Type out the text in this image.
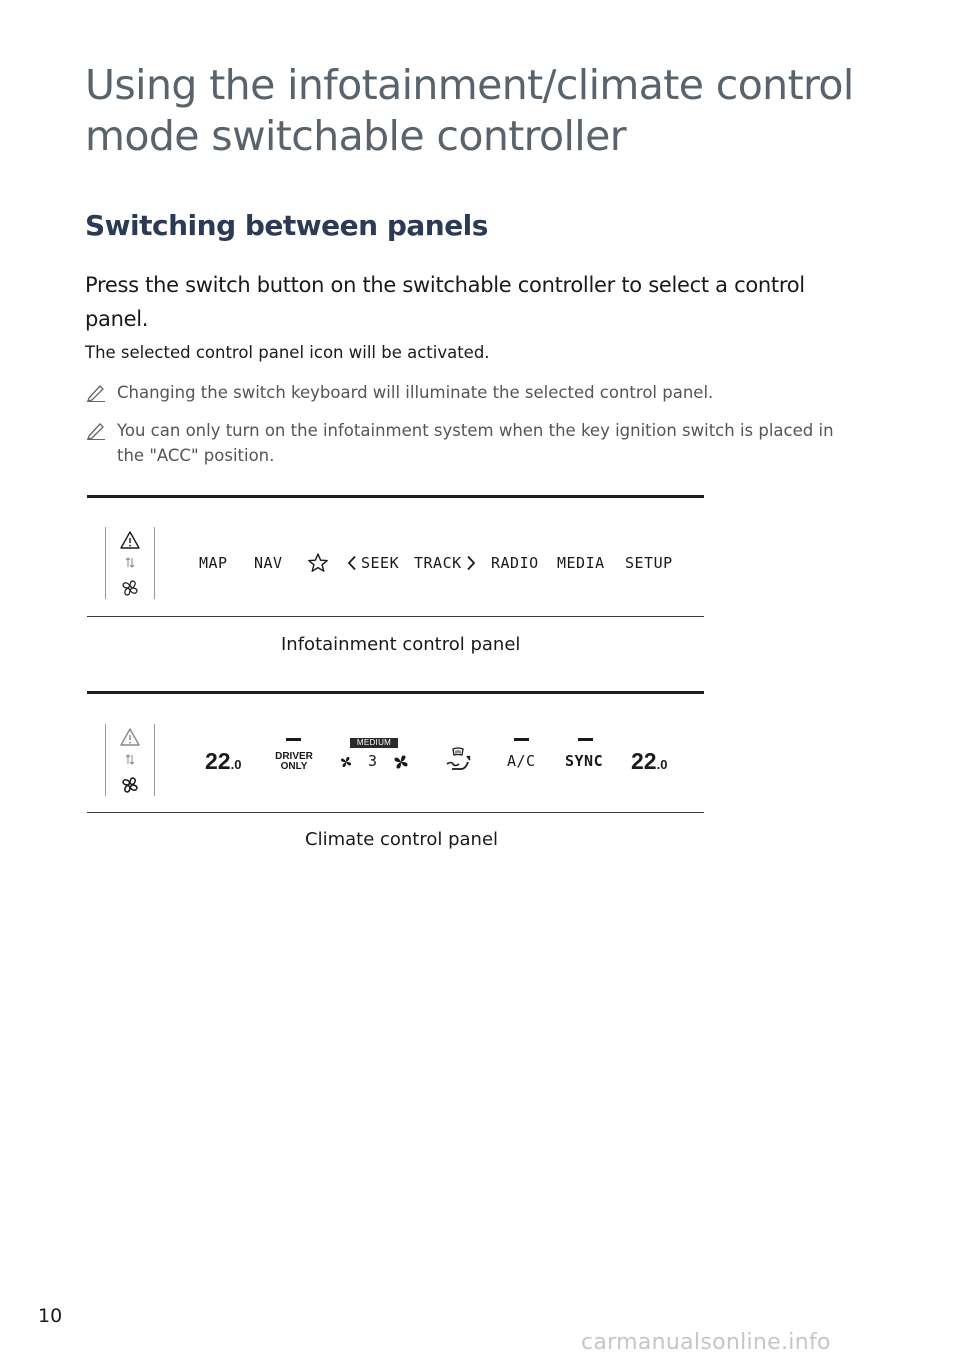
Using the infotainment/climate control
mode switchable controller
Switching between panels

Press the switch button on the switchable controller to select a control panel.

The selected control panel icon will be activated.

Changing the switch keyboard will illuminate the selected control panel.
You can only turn on the infotainment system when the key ignition switch is placed in the "ACC" position.
MAP NAV	SEEK TRACK RADIO MEDIA SETUP
Infotainment control panel
22.0
DRIVER
ONLY
MEDIUM
3	A/C SYNC 22.0
Climate control panel
10
carmanualsonline.info
